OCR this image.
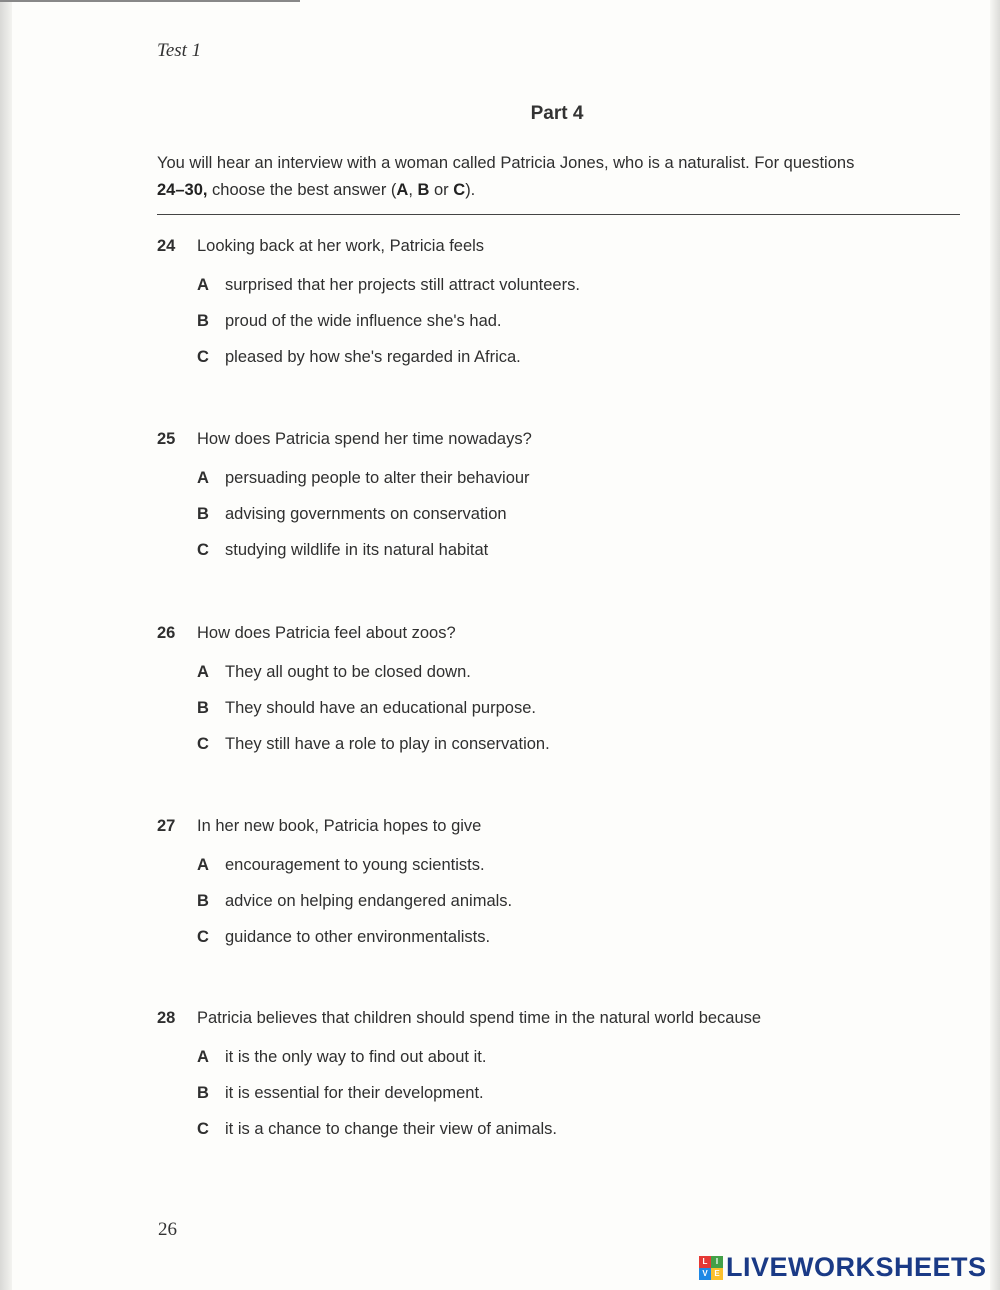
Test 1
Part 4
You will hear an interview with a woman called Patricia Jones, who is a naturalist. For questions
24–30, choose the best answer (A, B or C).
24	Looking back at her work, Patricia feels
A surprised that her projects still attract volunteers.
B proud of the wide influence she's had.
C pleased by how she's regarded in Africa.
25	How does Patricia spend her time nowadays?
A persuading people to alter their behaviour
B advising governments on conservation
C studying wildlife in its natural habitat
26	How does Patricia feel about zoos?
A They all ought to be closed down.
B They should have an educational purpose.
C They still have a role to play in conservation.
27	In her new book, Patricia hopes to give
A encouragement to young scientists.
B advice on helping endangered animals.
C guidance to other environmentalists.
28	Patricia believes that children should spend time in the natural world because
A it is the only way to find out about it.
B it is essential for their development.
C it is a chance to change their view of animals.
26
L	I
V E LIVEWORKSHEETS
